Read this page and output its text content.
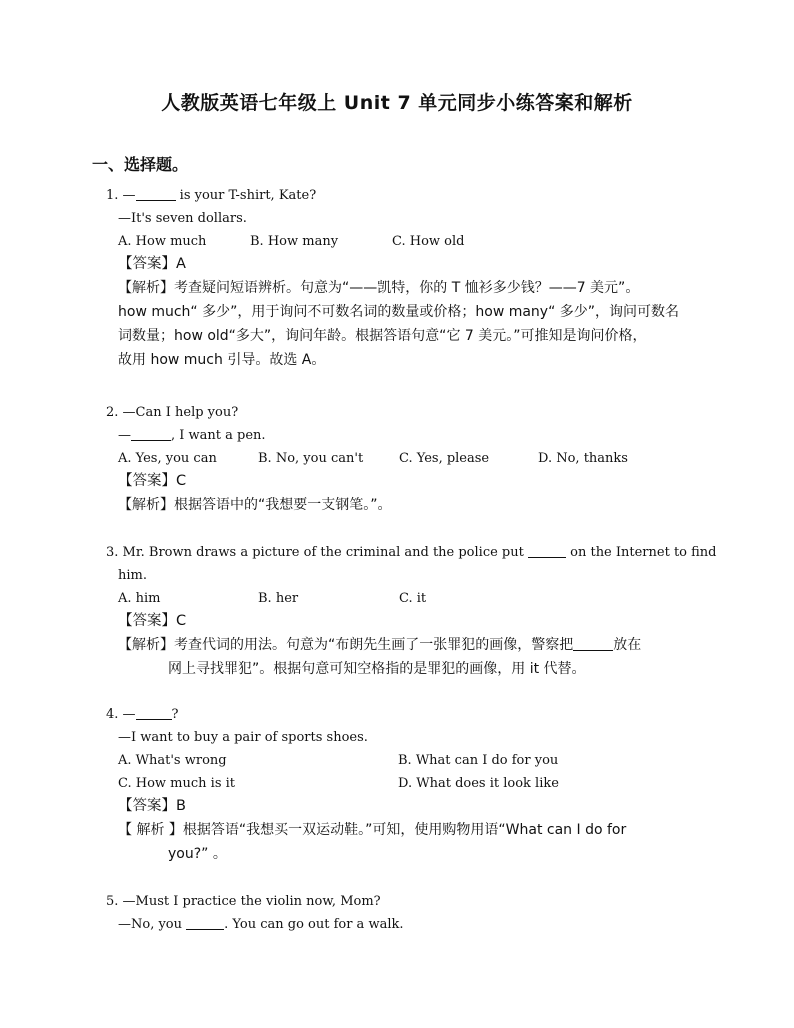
人教版英语七年级上 Unit 7 单元同步小练答案和解析
一、选择题。
1. —	is your T-shirt, Kate?
—It's seven dollars.
A. How much	B. How many	C. How old
【答案】A
【解析】考查疑问短语辨析。句意为“——凯特，你的 T 恤衫多少钱？——7 美元”。
how much“ 多少”，用于询问不可数名词的数量或价格；how many“ 多少”，询问可数名
词数量；how old“多大”，询问年龄。根据答语句意“它 7 美元。”可推知是询问价格，
故用 how much 引导。故选 A。
2. —Can I help you?
—	, I want a pen.
A. Yes, you can	B. No, you can't	C. Yes, please	D. No, thanks
【答案】C
【解析】根据答语中的“我想要一支钢笔。”。
3. Mr. Brown draws a picture of the criminal and the police put	on the Internet to find
him.
A. him	B. her	C. it
【答案】C
【解析】考查代词的用法。句意为“布朗先生画了一张罪犯的画像，警察把	放在
网上寻找罪犯”。根据句意可知空格指的是罪犯的画像，用 it 代替。
4. —	?
—I want to buy a pair of sports shoes.
A. What's wrong	B. What can I do for you
C. How much is it	D. What does it look like
【答案】B
【 解析 】根据答语“我想买一双运动鞋。”可知，使用购物用语“What can I do for
you?” 。
5. —Must I practice the violin now, Mom?
—No, you	. You can go out for a walk.
